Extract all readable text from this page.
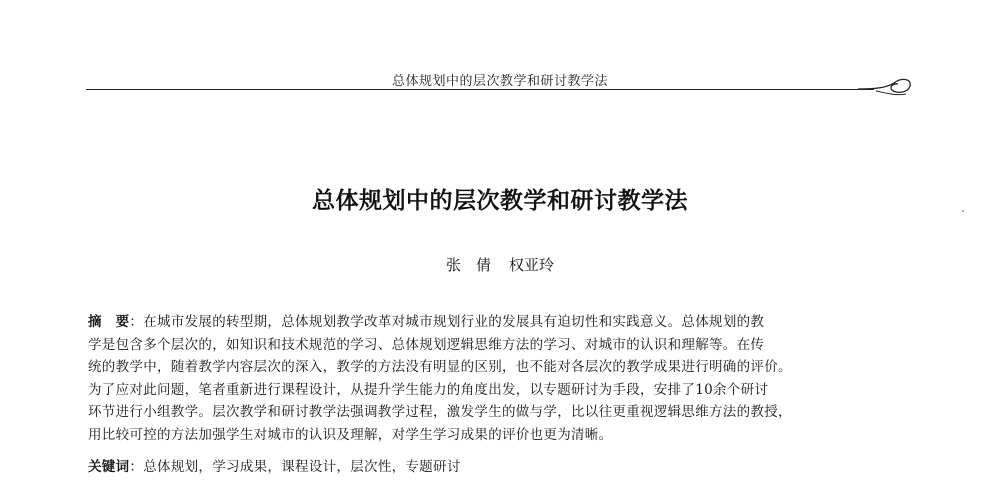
总体规划中的层次教学和研讨教学法
总体规划中的层次教学和研讨教学法
张　倩 权亚玲
摘　要：在城市发展的转型期，总体规划教学改革对城市规划行业的发展具有迫切性和实践意义。总体规划的教
学是包含多个层次的，如知识和技术规范的学习、总体规划逻辑思维方法的学习、对城市的认识和理解等。在传
统的教学中，随着教学内容层次的深入，教学的方法没有明显的区别，也不能对各层次的教学成果进行明确的评价。
为了应对此问题，笔者重新进行课程设计，从提升学生能力的角度出发，以专题研讨为手段，安排了10余个研讨
环节进行小组教学。层次教学和研讨教学法强调教学过程，激发学生的做与学，比以往更重视逻辑思维方法的教授，
用比较可控的方法加强学生对城市的认识及理解，对学生学习成果的评价也更为清晰。
关键词：总体规划，学习成果，课程设计，层次性，专题研讨
